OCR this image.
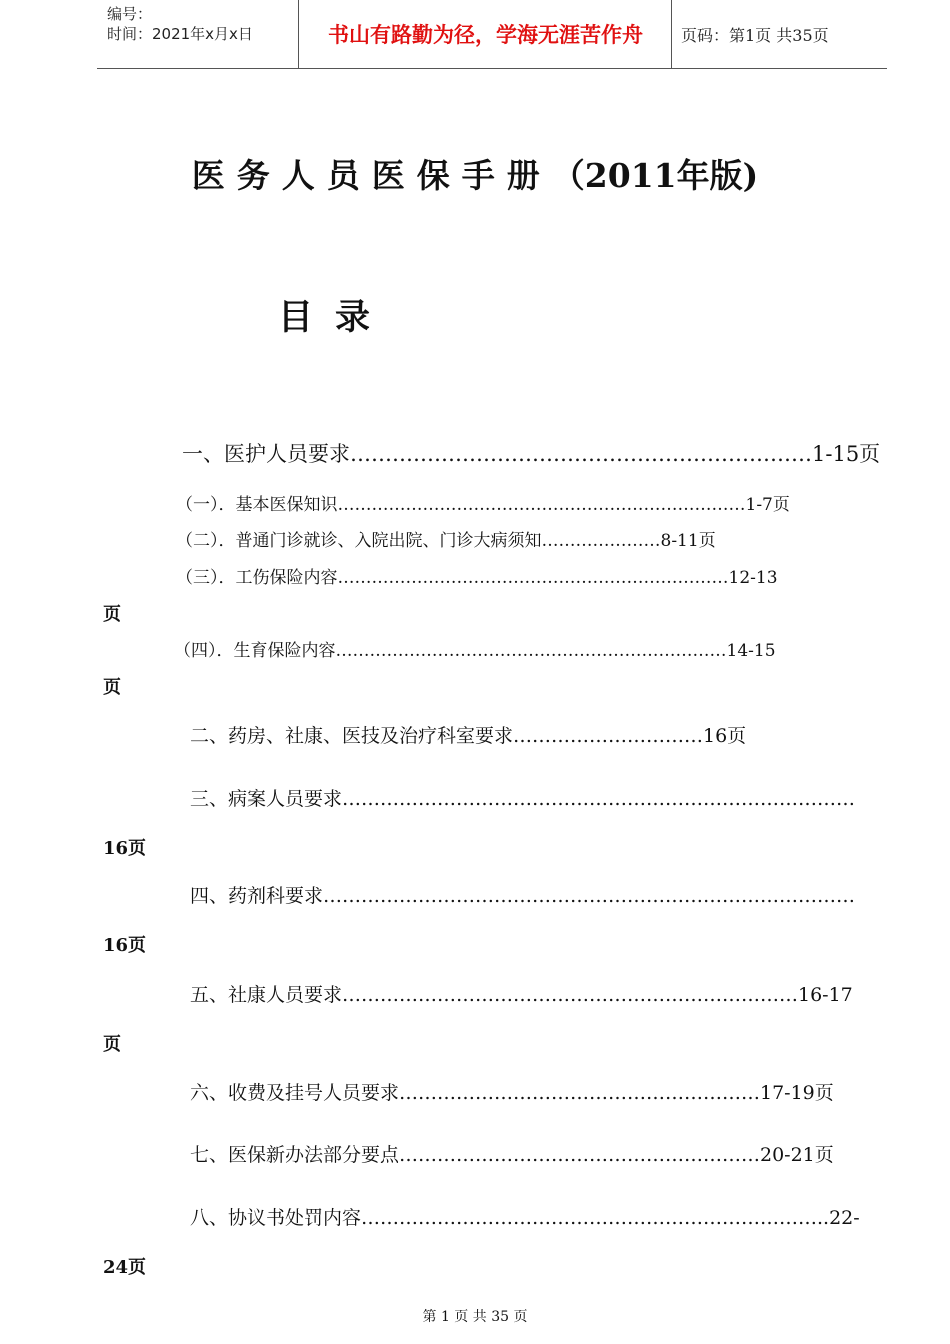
编号：
时间：2021年x月x日	书山有路勤为径，学海无涯苦作舟	页码：第1页 共35页
医务人员医保手册（2011年版)
目录
一、医护人员要求…………………………………………………………1-15页
（一）．基本医保知识………………………………………………………………1-7页
（二）．普通门诊就诊、入院出院、门诊大病须知…………………8-11页
（三）．工伤保险内容……………………………………………………………12-13
页
（四）．生育保险内容……………………………………………………………14-15
页
二、药房、社康、医技及治疗科室要求…………………………16页
三、病案人员要求………………………………………………………………………
16页
四、药剂科要求…………………………………………………………………………
16页
五、社康人员要求………………………………………………………………16-17
页
六、收费及挂号人员要求…………………………………………………17-19页
七、医保新办法部分要点…………………………………………………20-21页
八、协议书处罚内容………………………………………………………………..22-
24页
第 1 页 共 35 页
